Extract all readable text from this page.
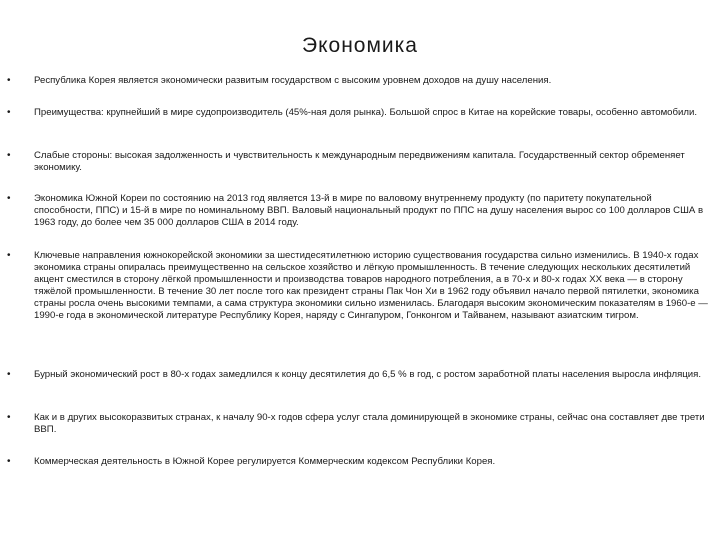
Экономика
• Республика Корея является экономически развитым государством с высоким уровнем доходов на душу населения.
• Преимущества: крупнейший в мире судопроизводитель (45%-ная доля рынка). Большой спрос в Китае на корейские товары, особенно автомобили.
• Слабые стороны: высокая задолженность и чувствительность к международным передвижениям капитала. Государственный сектор обременяет экономику.
• Экономика Южной Кореи по состоянию на 2013 год является 13-й в мире по валовому внутреннему продукту (по паритету покупательной способности, ППС) и 15-й в мире по номинальному ВВП. Валовый национальный продукт по ППС на душу населения вырос со 100 долларов США в 1963 году, до более чем 35 000 долларов США в 2014 году.
• Ключевые направления южнокорейской экономики за шестидесятилетнюю историю существования государства сильно изменились. В 1940-х годах экономика страны опиралась преимущественно на сельское хозяйство и лёгкую промышленность. В течение следующих нескольких десятилетий акцент сместился в сторону лёгкой промышленности и производства товаров народного потребления, а в 70-х и 80-х годах XX века — в сторону тяжёлой промышленности. В течение 30 лет после того как президент страны Пак Чон Хи в 1962 году объявил начало первой пятилетки, экономика страны росла очень высокими темпами, а сама структура экономики сильно изменилась. Благодаря высоким экономическим показателям в 1960-е — 1990-е года в экономической литературе Республику Корея, наряду с Сингапуром, Гонконгом и Тайванем, называют азиатским тигром.
• Бурный экономический рост в 80-х годах замедлился к концу десятилетия до 6,5 % в год, с ростом заработной платы населения выросла инфляция.
• Как и в других высокоразвитых странах, к началу 90-х годов сфера услуг стала доминирующей в экономике страны, сейчас она составляет две трети ВВП.
• Коммерческая деятельность в Южной Корее регулируется Коммерческим кодексом Республики Корея.
